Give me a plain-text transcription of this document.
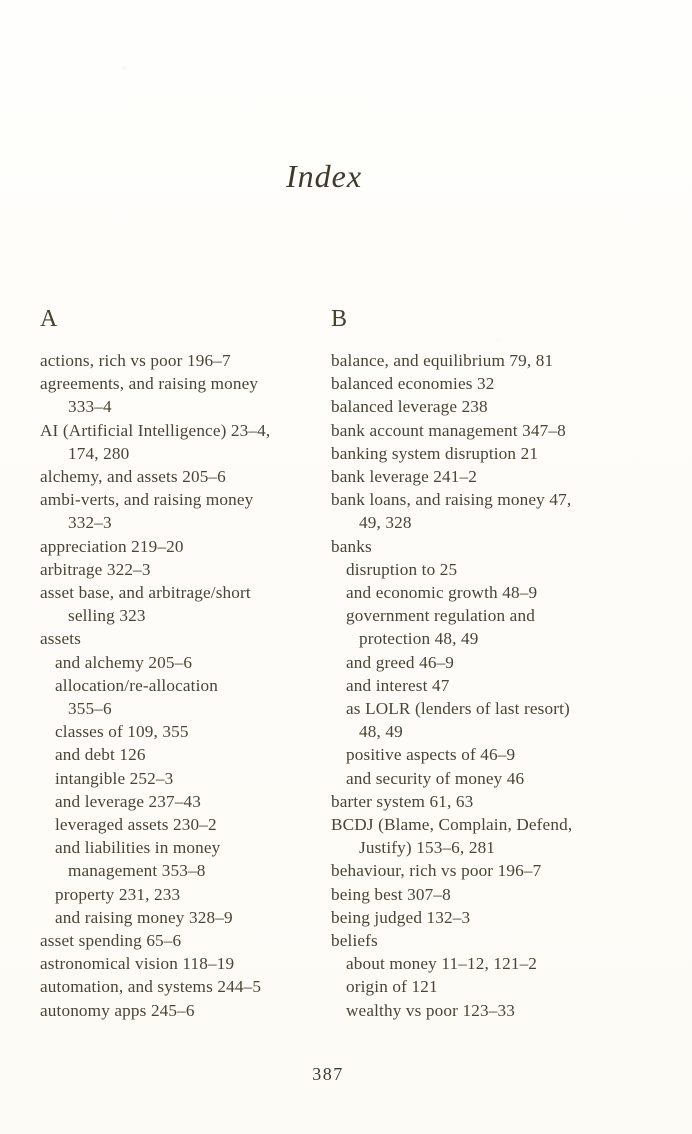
Index
A
actions, rich vs poor 196–7
agreements, and raising money
333–4
AI (Artificial Intelligence) 23–4,
174, 280
alchemy, and assets 205–6
ambi-verts, and raising money
332–3
appreciation 219–20
arbitrage 322–3
asset base, and arbitrage/short
selling 323
assets
and alchemy 205–6
allocation/re-allocation
355–6
classes of 109, 355
and debt 126
intangible 252–3
and leverage 237–43
leveraged assets 230–2
and liabilities in money
management 353–8
property 231, 233
and raising money 328–9
asset spending 65–6
astronomical vision 118–19
automation, and systems 244–5
autonomy apps 245–6
B
balance, and equilibrium 79, 81
balanced economies 32
balanced leverage 238
bank account management 347–8
banking system disruption 21
bank leverage 241–2
bank loans, and raising money 47,
49, 328
banks
disruption to 25
and economic growth 48–9
government regulation and
protection 48, 49
and greed 46–9
and interest 47
as LOLR (lenders of last resort)
48, 49
positive aspects of 46–9
and security of money 46
barter system 61, 63
BCDJ (Blame, Complain, Defend,
Justify) 153–6, 281
behaviour, rich vs poor 196–7
being best 307–8
being judged 132–3
beliefs
about money 11–12, 121–2
origin of 121
wealthy vs poor 123–33
387
